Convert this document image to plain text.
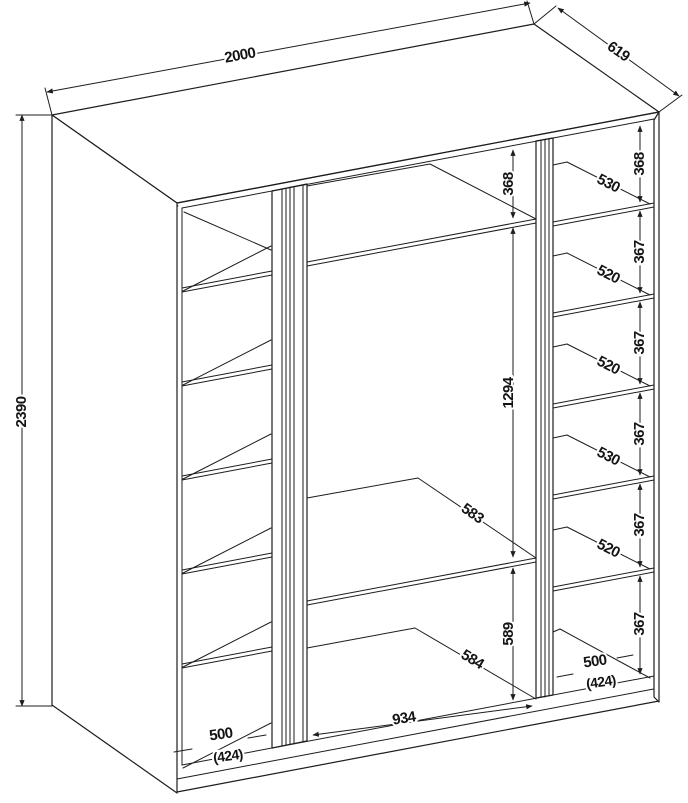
2000	619
2390
368
1294
589
583
584
934
368
367
367
367
367
367
530
520
520
530
520
500
(424)
500
(424)
